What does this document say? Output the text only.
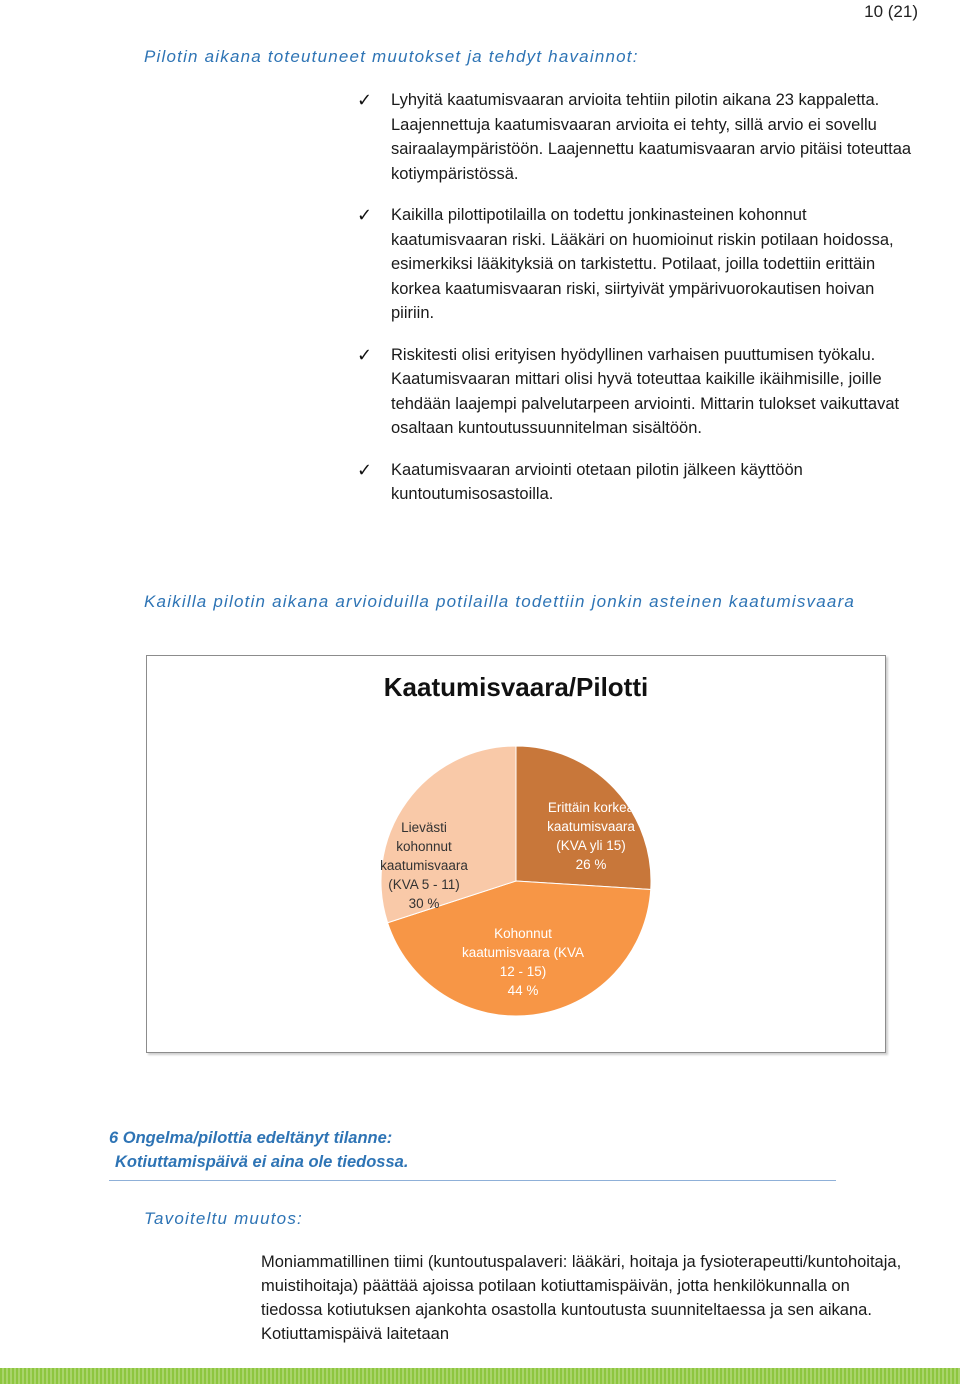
10 (21)
Pilotin aikana toteutuneet muutokset ja tehdyt havainnot:
✓ Lyhyitä kaatumisvaaran arvioita tehtiin pilotin aikana 23 kappaletta. Laajennettuja kaatumisvaaran arvioita ei tehty, sillä arvio ei sovellu sairaalaympäristöön. Laajennettu kaatumisvaaran arvio pitäisi toteuttaa kotiympäristössä.
✓ Kaikilla pilottipotilailla on todettu jonkinasteinen kohonnut kaatumisvaaran riski. Lääkäri on huomioinut riskin potilaan hoidossa, esimerkiksi lääkityksiä on tarkistettu. Potilaat, joilla todettiin erittäin korkea kaatumisvaaran riski, siirtyivät ympärivuorokautisen hoivan piiriin.
✓ Riskitesti olisi erityisen hyödyllinen varhaisen puuttumisen työkalu. Kaatumisvaaran mittari olisi hyvä toteuttaa kaikille ikäihmisille, joille tehdään laajempi palvelutarpeen arviointi. Mittarin tulokset vaikuttavat osaltaan kuntoutussuunnitelman sisältöön.
✓ Kaatumisvaaran arviointi otetaan pilotin jälkeen käyttöön kuntoutumisosastoilla.
Kaikilla pilotin aikana arvioiduilla potilailla todettiin jonkin asteinen kaatumisvaara
Kaatumisvaara/Pilotti
Erittäin korkea kaatumisvaara (KVA yli 15) 26 %
Kohonnut kaatumisvaara (KVA 12 - 15) 44 %
Lievästi kohonnut kaatumisvaara (KVA 5 - 11) 30 %
6 Ongelma/pilottia edeltänyt tilanne:
Kotiuttamispäivä ei aina ole tiedossa.
Tavoiteltu muutos:
Moniammatillinen tiimi (kuntoutuspalaveri: lääkäri, hoitaja ja fysioterapeutti/kuntohoitaja, muistihoitaja) päättää ajoissa potilaan kotiuttamispäivän, jotta henkilökunnalla on tiedossa kotiutuksen ajankohta osastolla kuntoutusta suunniteltaessa ja sen aikana. Kotiuttamispäivä laitetaan
